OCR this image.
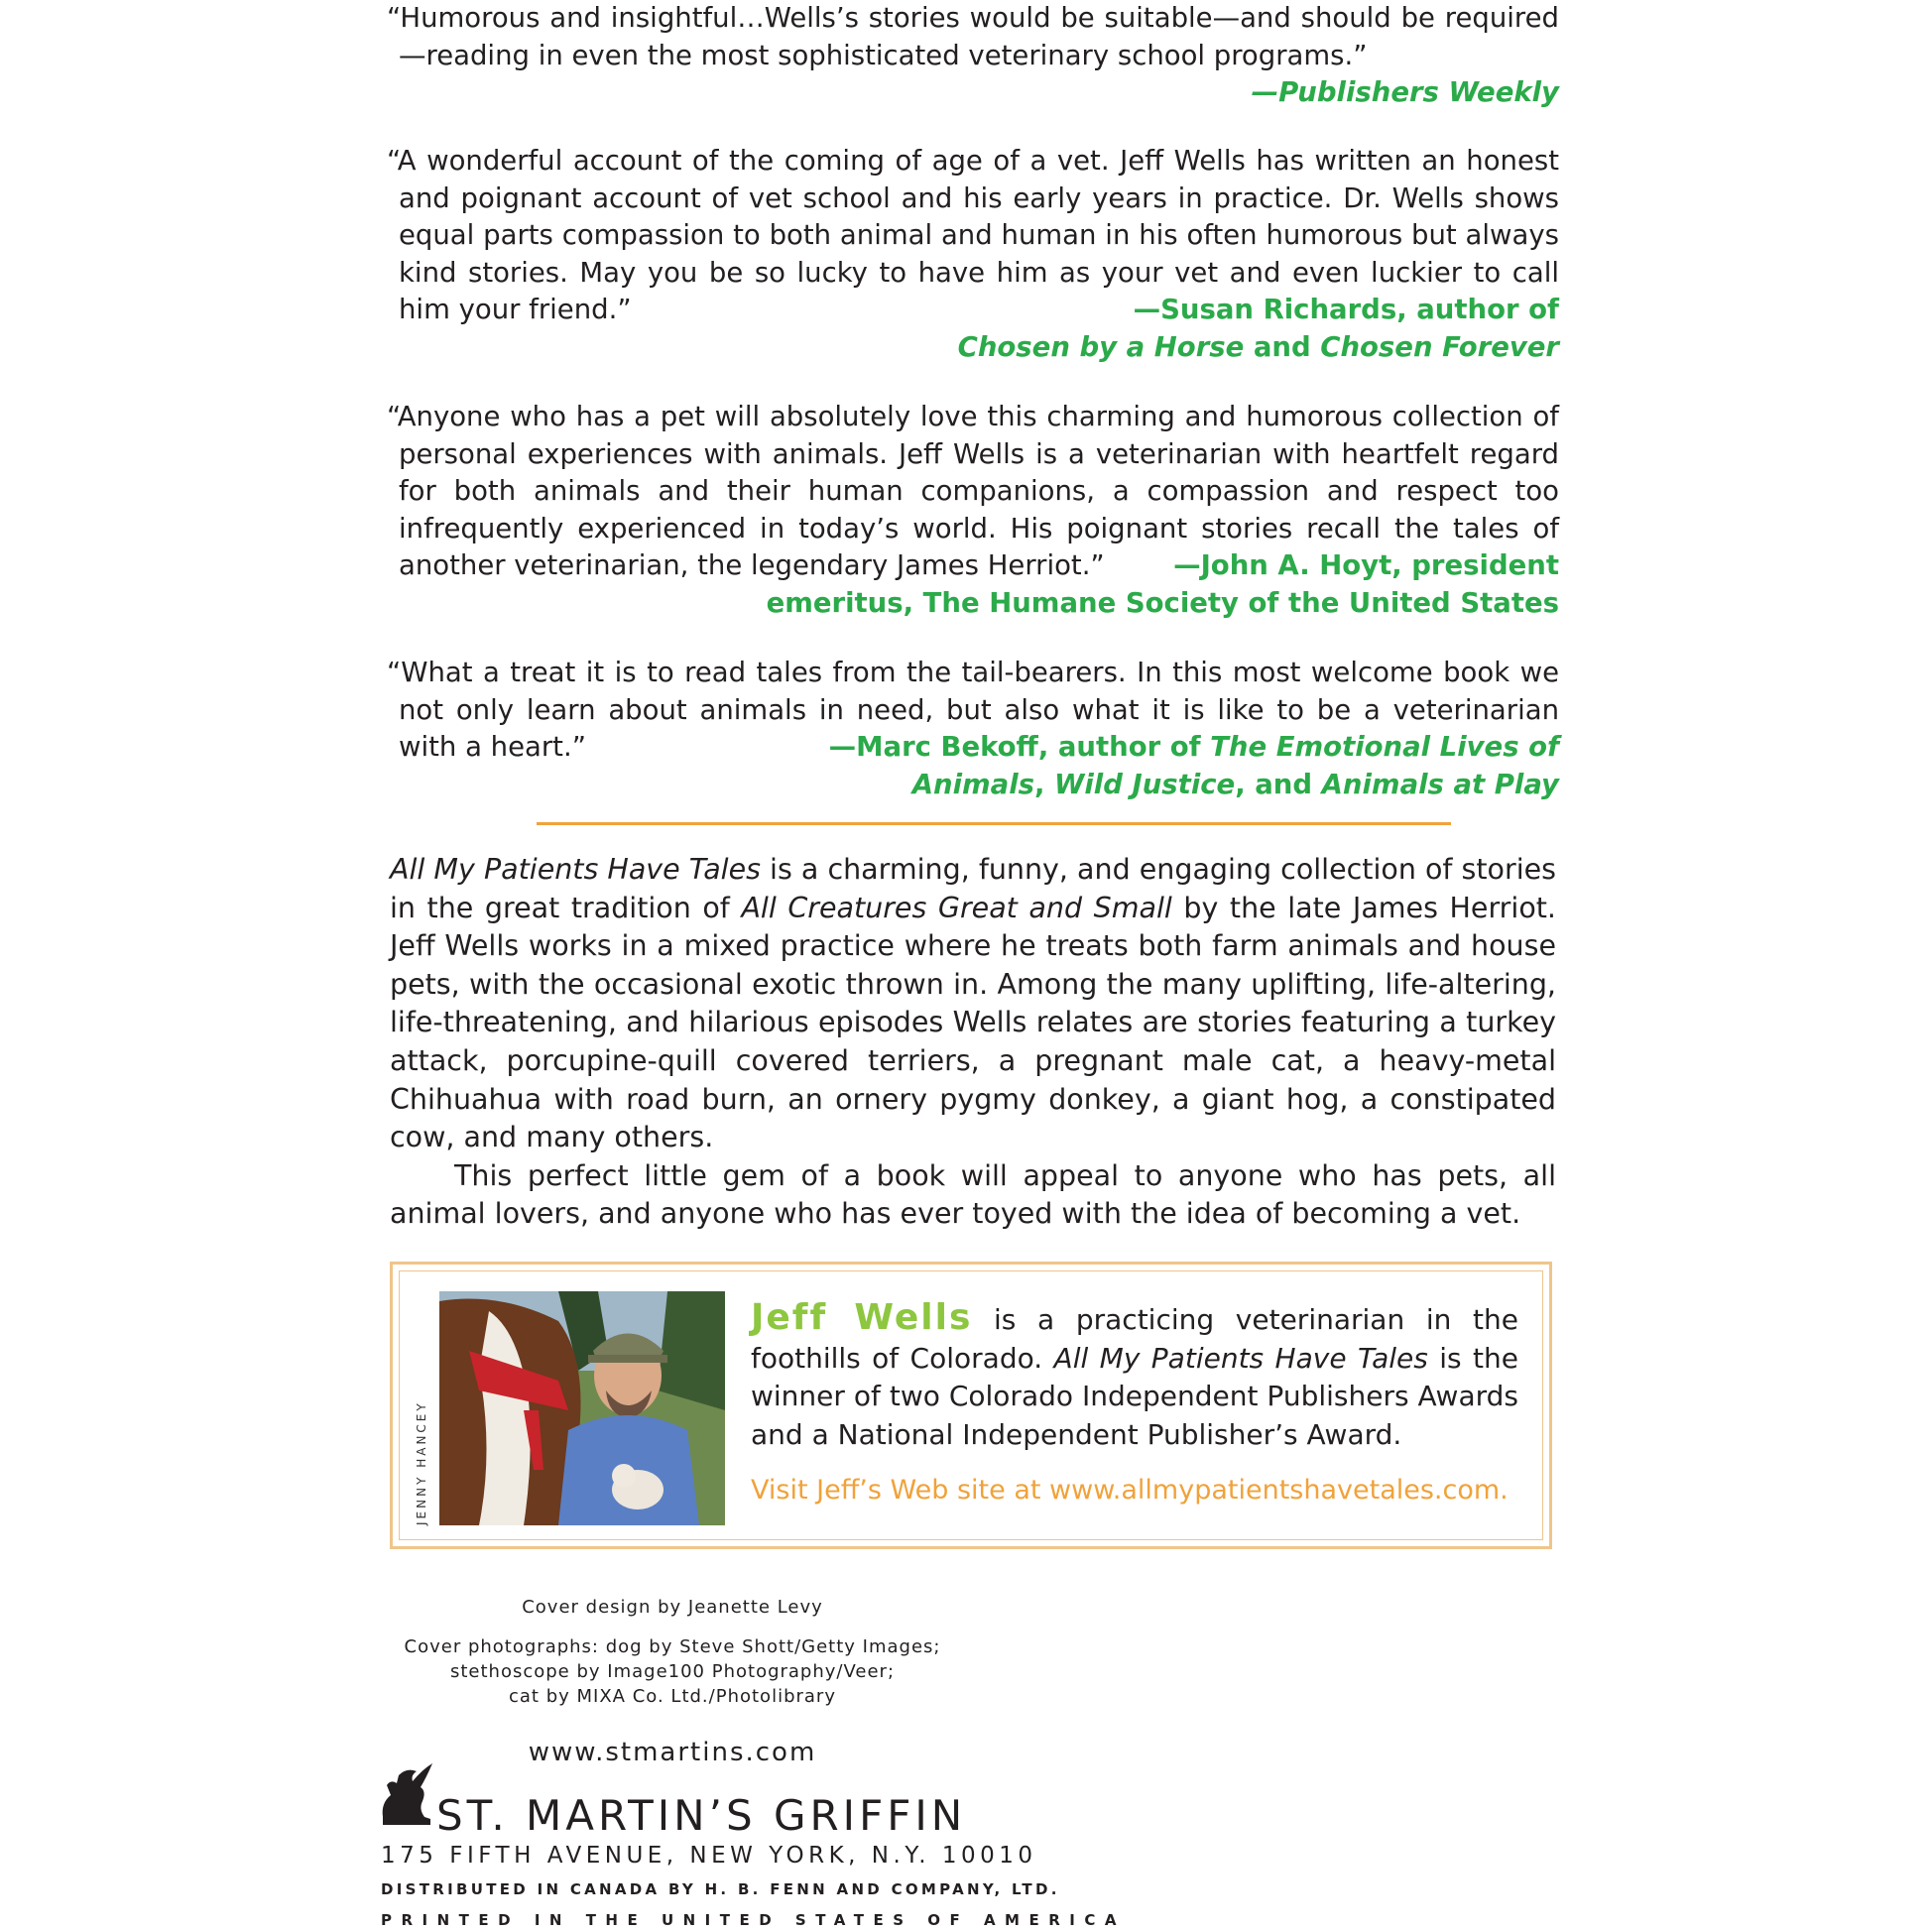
“Humorous and insightful…Wells’s stories would be suitable—and should be required—reading in even the most sophisticated veterinary school programs.”

—Publishers Weekly

“A wonderful account of the coming of age of a vet. Jeff Wells has written an honest and poignant account of vet school and his early years in practice. Dr. Wells shows equal parts compassion to both animal and human in his often humorous but always kind stories. May you be so lucky to have him as your vet and even luckier to call him your friend.”	—Susan Richards, author of
Chosen by a Horse and Chosen Forever

“Anyone who has a pet will absolutely love this charming and humorous collection of personal experiences with animals. Jeff Wells is a veterinarian with heartfelt regard for both animals and their human companions, a compassion and respect too infrequently experienced in today’s world. His poignant stories recall the tales of another veterinarian, the legendary James Herriot.”	—John A. Hoyt, president
emeritus, The Humane Society of the United States

“What a treat it is to read tales from the tail-bearers. In this most welcome book we not only learn about animals in need, but also what it is like to be a veterinarian with a heart.”	—Marc Bekoff, author of The Emotional Lives of
Animals, Wild Justice, and Animals at Play

All My Patients Have Tales is a charming, funny, and engaging collection of stories in the great tradition of All Creatures Great and Small by the late James Herriot. Jeff Wells works in a mixed practice where he treats both farm animals and house pets, with the occasional exotic thrown in. Among the many uplifting, life-altering, life-threatening, and hilarious episodes Wells relates are stories featuring a turkey attack, porcupine-quill covered terriers, a pregnant male cat, a heavy-metal Chihuahua with road burn, an ornery pygmy donkey, a giant hog, a constipated cow, and many others.

This perfect little gem of a book will appeal to anyone who has pets, all animal lovers, and anyone who has ever toyed with the idea of becoming a vet.

JENNY HANCEY

Jeff Wells is a practicing veterinarian in the foothills of Colorado. All My Patients Have Tales is the winner of two Colorado Independent Publishers Awards and a National Independent Publisher’s Award.

Visit Jeff’s Web site at www.allmypatientshavetales.com.
Cover design by Jeanette Levy
Cover photographs: dog by Steve Shott/Getty Images;
stethoscope by Image100 Photography/Veer;
cat by MIXA Co. Ltd./Photolibrary
www.stmartins.com
ST. MARTIN’S GRIFFIN
175 FIFTH AVENUE, NEW YORK, N.Y. 10010
DISTRIBUTED IN CANADA BY H. B. FENN AND COMPANY, LTD.
PRINTED IN THE UNITED STATES OF AMERICA
